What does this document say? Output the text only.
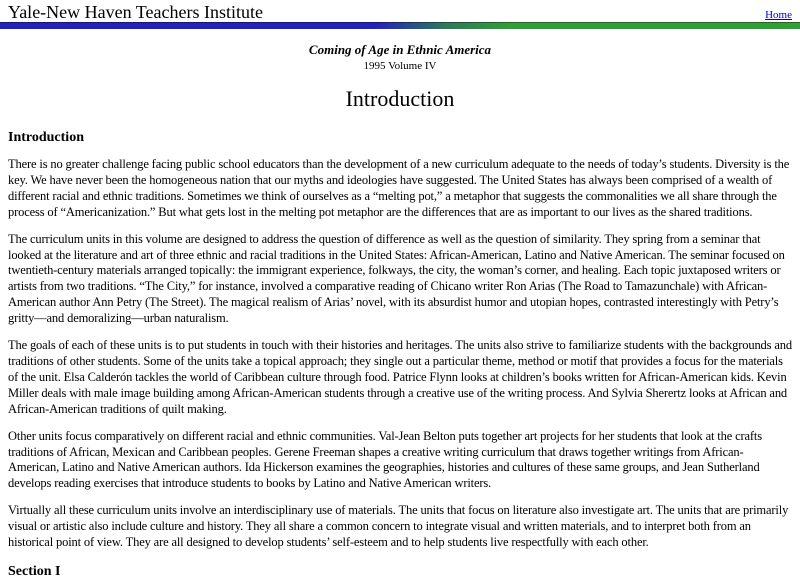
Yale-New Haven Teachers Institute	Home
Coming of Age in Ethnic America
1995 Volume IV
Introduction
Introduction

There is no greater challenge facing public school educators than the development of a new curriculum adequate to the needs of today’s students. Diversity is the key. We have never been the homogeneous nation that our myths and ideologies have suggested. The United States has always been comprised of a wealth of different racial and ethnic traditions. Sometimes we think of ourselves as a “melting pot,” a metaphor that suggests the commonalities we all share through the process of “Americanization.” But what gets lost in the melting pot metaphor are the differences that are as important to our lives as the shared traditions.

The curriculum units in this volume are designed to address the question of difference as well as the question of similarity. They spring from a seminar that looked at the literature and art of three ethnic and racial traditions in the United States: African-American, Latino and Native American. The seminar focused on twentieth-century materials arranged topically: the immigrant experience, folkways, the city, the woman’s corner, and healing. Each topic juxtaposed writers or artists from two traditions. “The City,” for instance, involved a comparative reading of Chicano writer Ron Arias (The Road to Tamazunchale) with African- American author Ann Petry (The Street). The magical realism of Arias’ novel, with its absurdist humor and utopian hopes, contrasted interestingly with Petry’s gritty—and demoralizing—urban naturalism.

The goals of each of these units is to put students in touch with their histories and heritages. The units also strive to familiarize students with the backgrounds and traditions of other students. Some of the units take a topical approach; they single out a particular theme, method or motif that provides a focus for the materials of the unit. Elsa Calderón tackles the world of Caribbean culture through food. Patrice Flynn looks at children’s books written for African-American kids. Kevin Miller deals with male image building among African-American students through a creative use of the writing process. And Sylvia Sherertz looks at African and African-American traditions of quilt making.

Other units focus comparatively on different racial and ethnic communities. Val-Jean Belton puts together art projects for her students that look at the crafts traditions of African, Mexican and Caribbean peoples. Gerene Freeman shapes a creative writing curriculum that draws together writings from African-American, Latino and Native American authors. Ida Hickerson examines the geographies, histories and cultures of these same groups, and Jean Sutherland develops reading exercises that introduce students to books by Latino and Native American writers.

Virtually all these curriculum units involve an interdisciplinary use of materials. The units that focus on literature also investigate art. The units that are primarily visual or artistic also include culture and history. They all share a common concern to integrate visual and written materials, and to interpret both from an historical point of view. They are all designed to develop students’ self-esteem and to help students live respectfully with each other.

Section I
